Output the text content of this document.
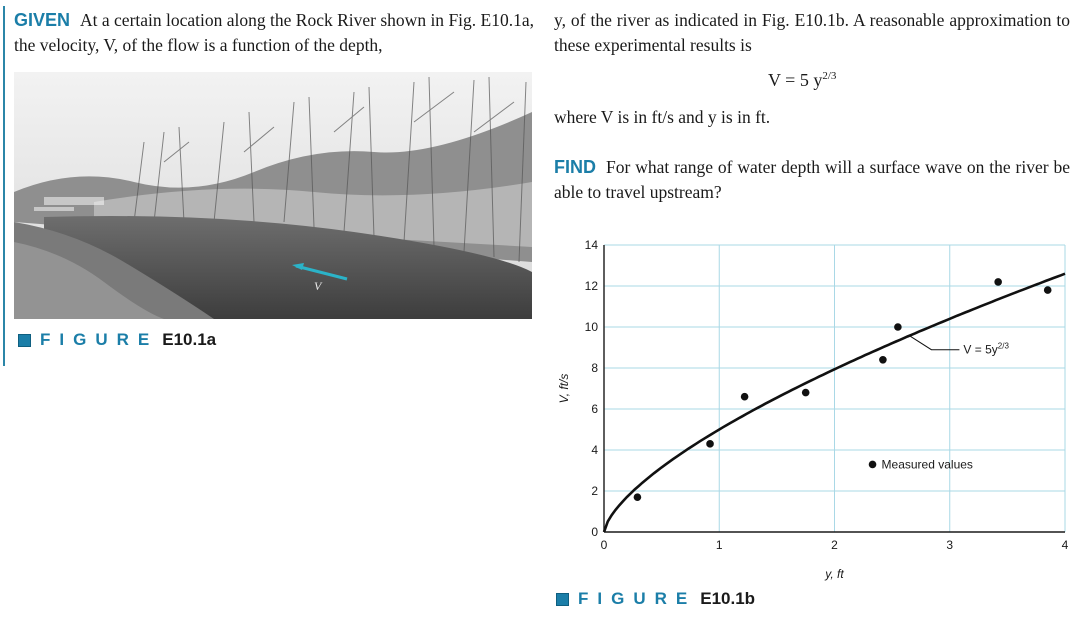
GIVEN At a certain location along the Rock River shown in Fig. E10.1a, the velocity, V, of the flow is a function of the depth,
y, of the river as indicated in Fig. E10.1b. A reasonable approximation to these experimental results is
V = 5 $y^{2/3}$
where V is in ft/s and y is in ft.
FIND For what range of water depth will a surface wave on the river be able to travel upstream?
V
FIGURE E10.1a
0	1	2	3	4
0
2
4
6
8
10
12
14
y, ft
V, ft/s
$V = 5y^{2/3}$
Measured values
FIGURE E10.1b
